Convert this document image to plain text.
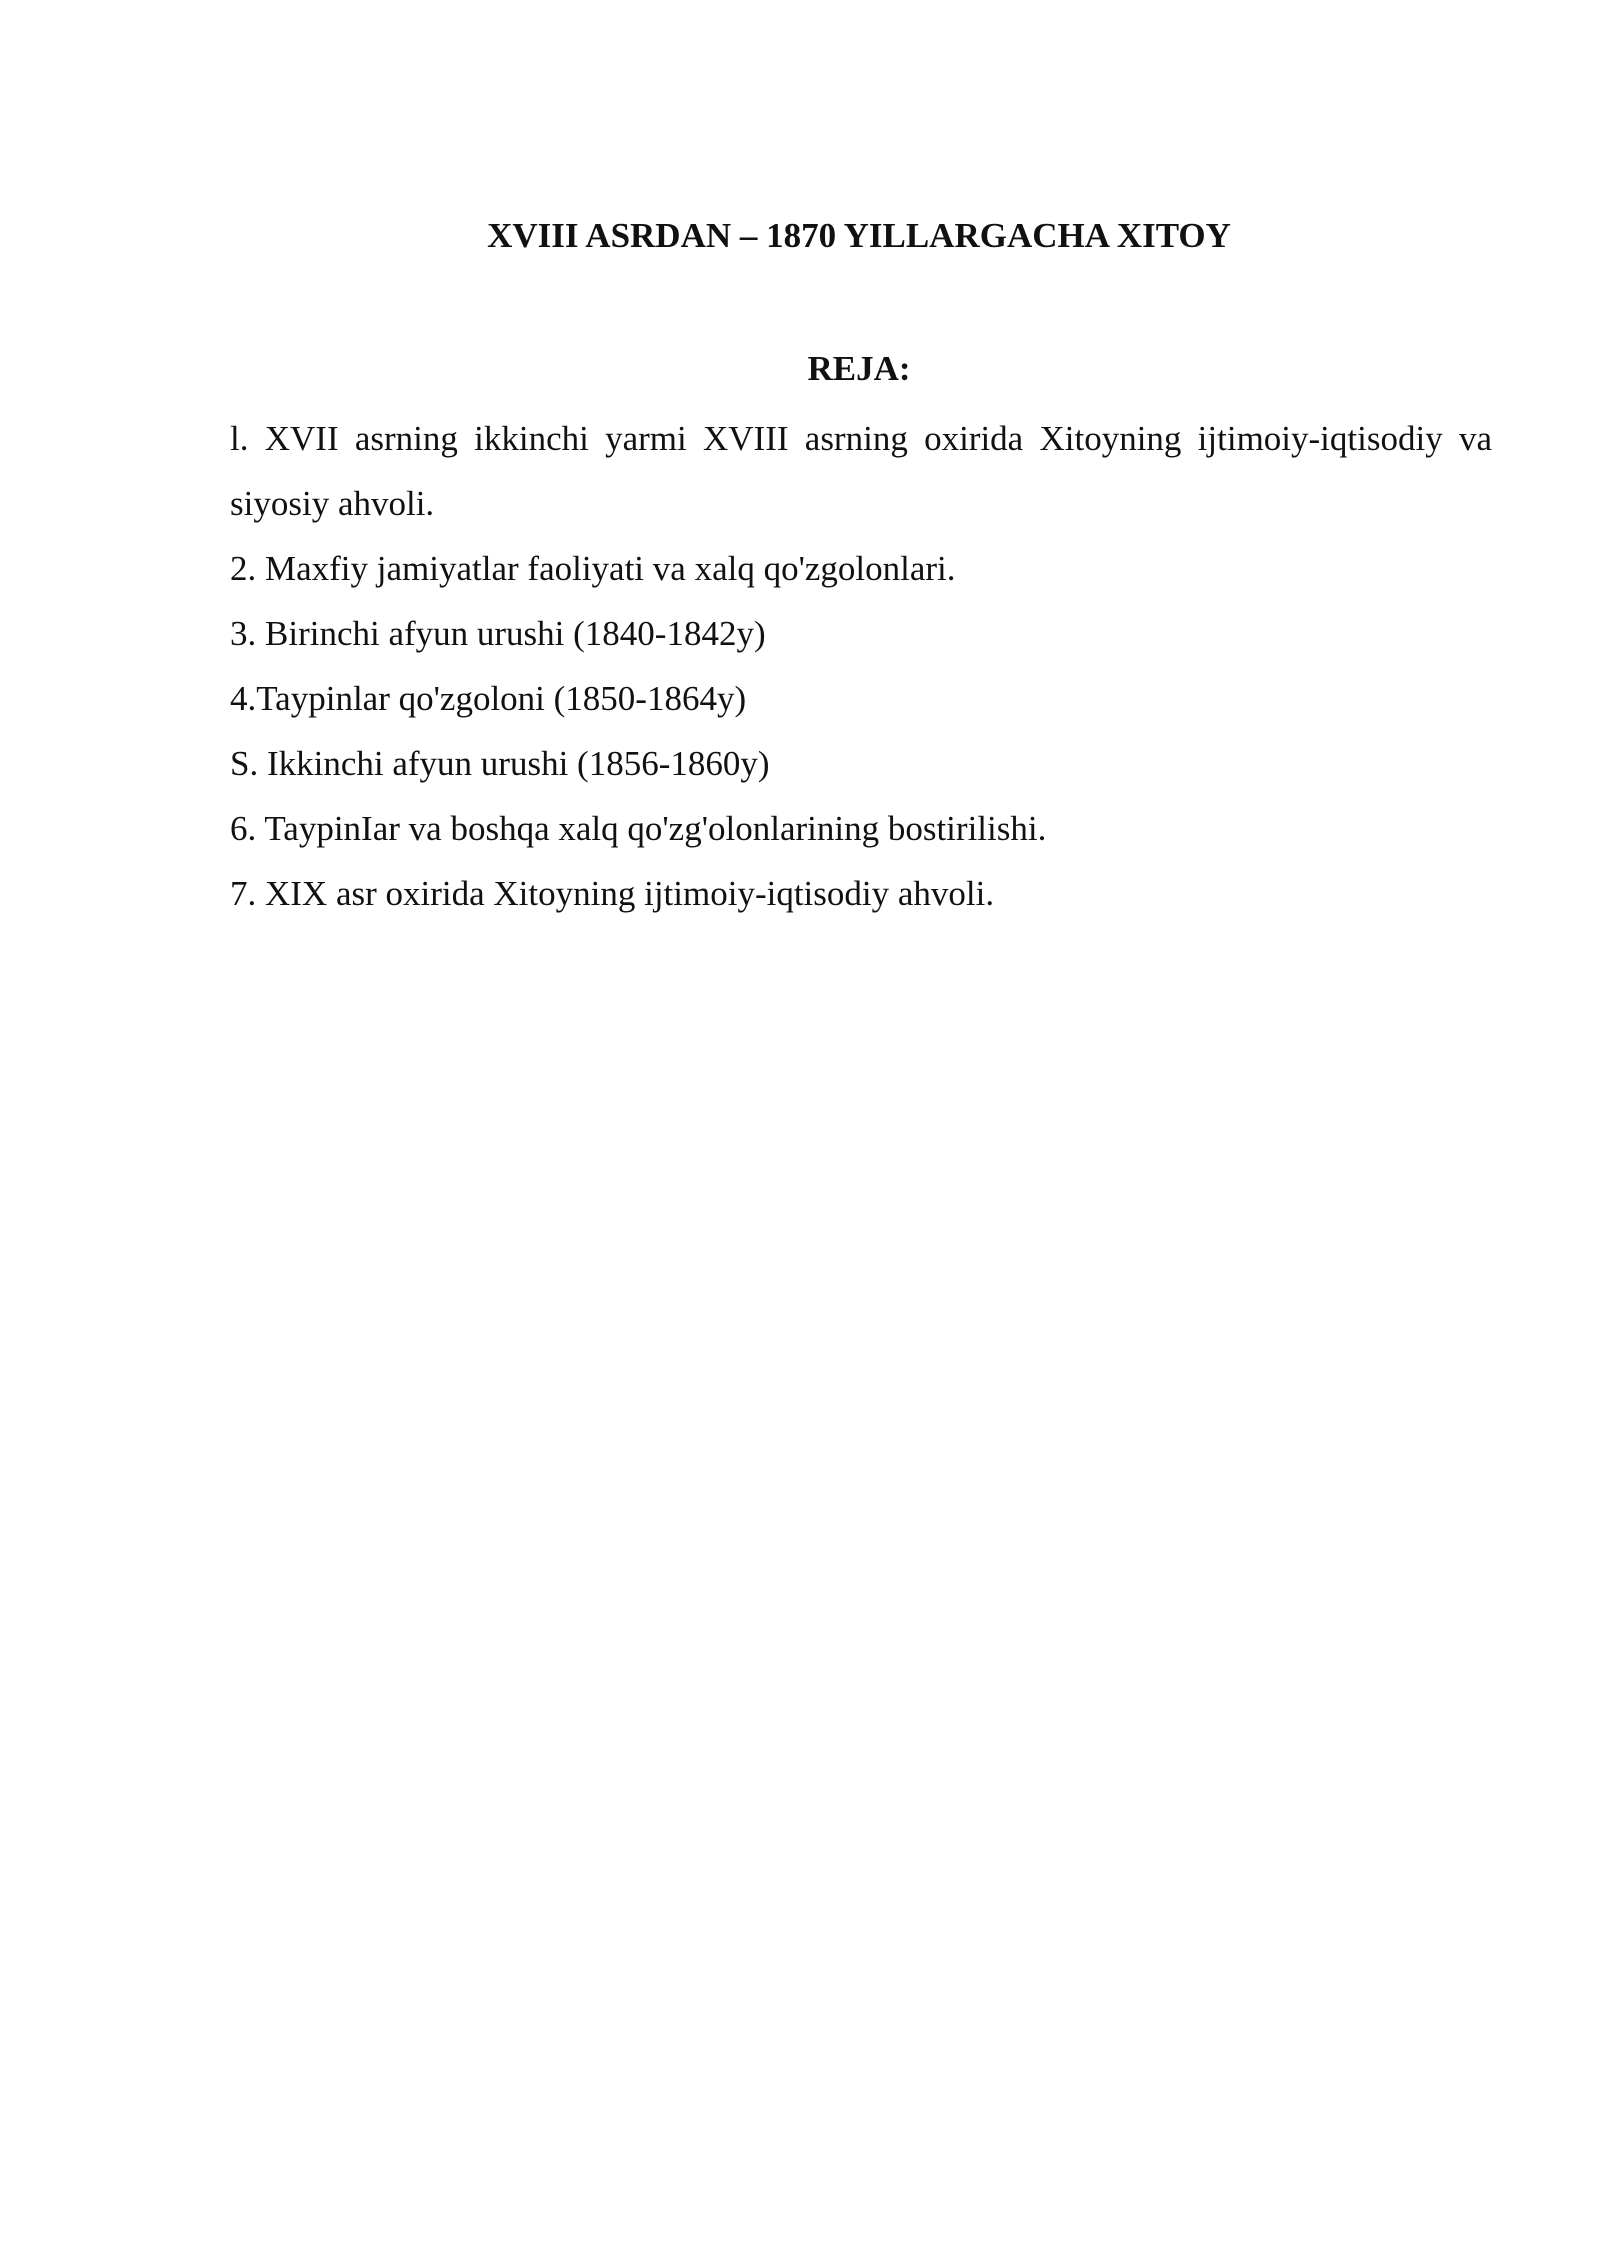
XVIII ASRDAN – 1870 YILLARGACHA XITOY
REJA:
l. XVII asrning ikkinchi yarmi XVIII asrning oxirida Xitoyning ijtimoiy-iqtisodiy va siyosiy ahvoli.
2. Maxfiy jamiyatlar faoliyati va xalq qo'zgolonlari.
3. Birinchi afyun urushi (1840-1842y)
4.Taypinlar qo'zgoloni (1850-1864y)
S. Ikkinchi afyun urushi (1856-1860y)
6. TaypinIar va boshqa xalq qo'zg'olonlarining bostirilishi.
7. XIX asr oxirida Xitoyning ijtimoiy-iqtisodiy ahvoli.
